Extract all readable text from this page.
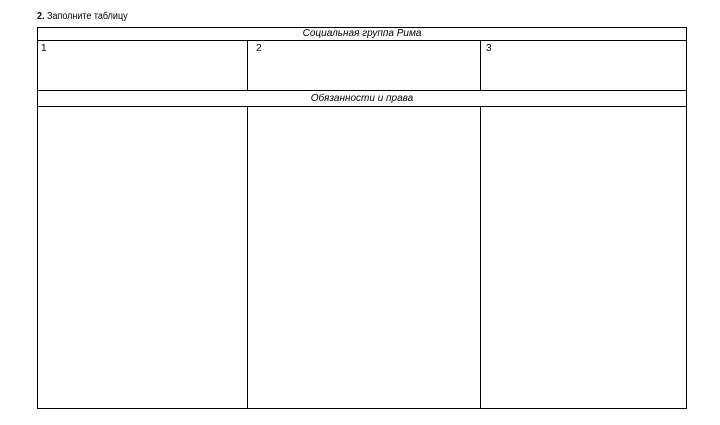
2. Заполните таблицу
Социальная группа Рима
1	2	3
Обязанности и права
